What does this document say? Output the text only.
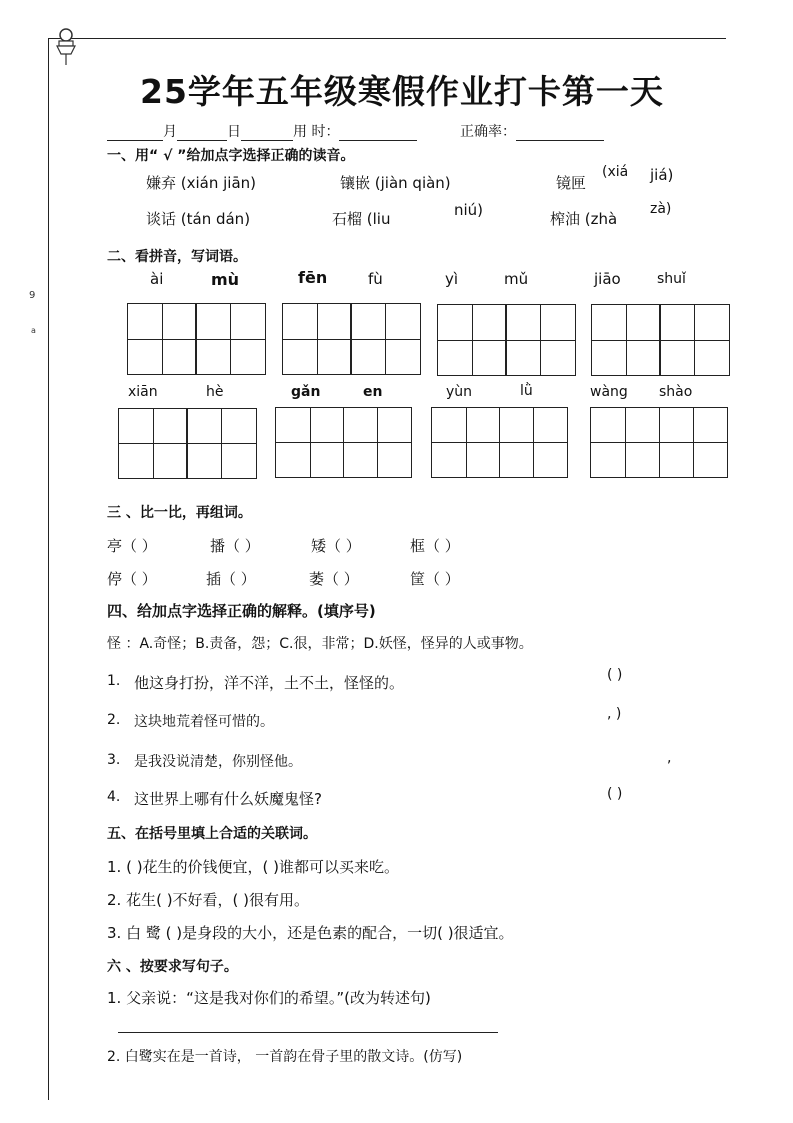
9
a
25学年五年级寒假作业打卡第一天
月	日	用 时：	正确率：
一、用“ √ ”给加点字选择正确的读音。
嫌弃 (xián jiān)	镶嵌 (jiàn qiàn)	镜匣
(xiá jiá)
谈话 (tán dán)	石榴 (liu	niú)	榨油 (zhà
zà)
二、看拼音，写词语。
ài	mù	fēn	fù	yì	mǔ	jiāo	shuǐ
xiān	hè	gǎn	en	yùn	lǜ	wàng shào
三 、比一比，再组词。
亭（ ）	播（ ）	矮（ ）	框（ ）
停（ ）	插（ ）	萎（ ）	筐（ ）
四、给加点字选择正确的解释。(填序号)
怪 ：A.奇怪；B.责备，怨；C.很，非常；D.妖怪，怪异的人或事物。
1. 他这身打扮，洋不洋，土不土，怪怪的。	( )
2. 这块地荒着怪可惜的。	, )
3. 是我没说清楚，你别怪他。	,
4. 这世界上哪有什么妖魔鬼怪?	( )
五、在括号里填上合适的关联词。
1. ( )花生的价钱便宜，( )谁都可以买来吃。
2. 花生( )不好看，( )很有用。
3. 白 鹭 ( )是身段的大小，还是色素的配合，一切( )很适宜。
六 、按要求写句子。
1. 父亲说：“这是我对你们的希望。”(改为转述句)
2. 白鹭实在是一首诗， 一首韵在骨子里的散文诗。(仿写)
